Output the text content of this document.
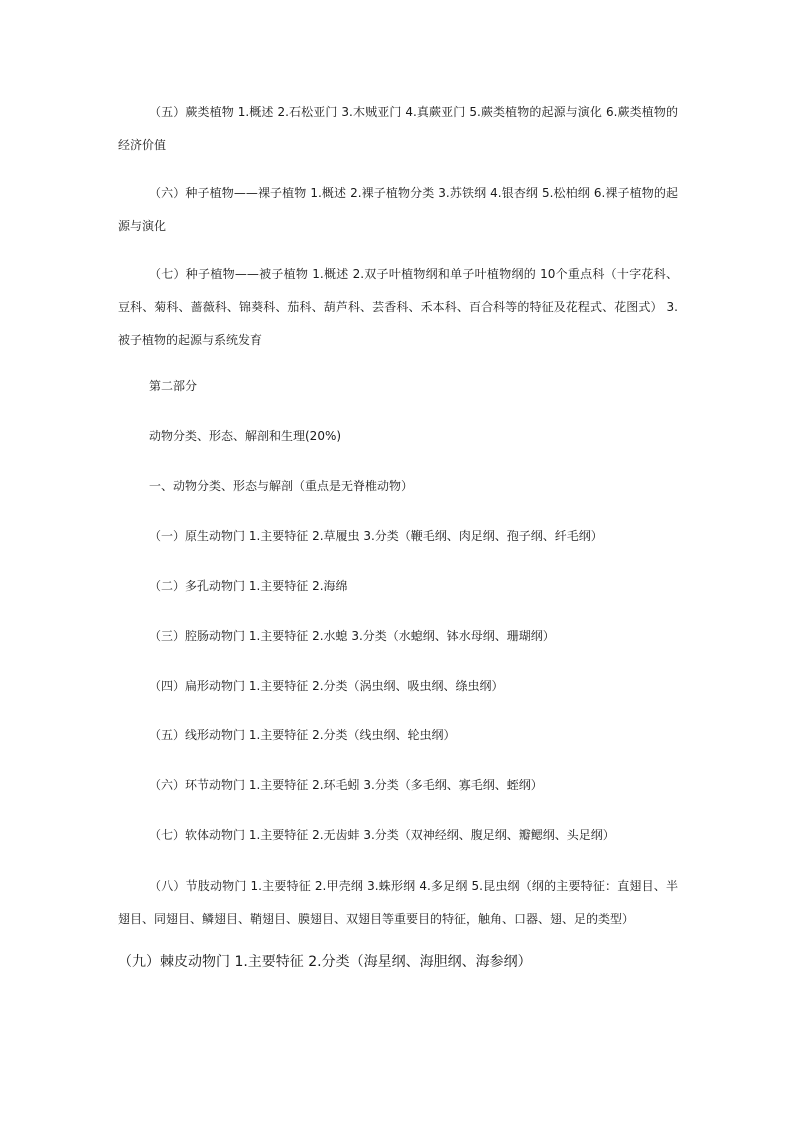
（五）蕨类植物 1.概述 2.石松亚门 3.木贼亚门 4.真蕨亚门 5.蕨类植物的起源与演化 6.蕨类植物的经济价值

（六）种子植物——裸子植物 1.概述 2.裸子植物分类 3.苏铁纲 4.银杏纲 5.松柏纲 6.裸子植物的起源与演化

（七）种子植物——被子植物 1.概述 2.双子叶植物纲和单子叶植物纲的 10个重点科（十字花科、豆科、菊科、蔷薇科、锦葵科、茄科、葫芦科、芸香科、禾本科、百合科等的特征及花程式、花图式） 3.被子植物的起源与系统发育

第二部分

动物分类、形态、解剖和生理(20%)

一、动物分类、形态与解剖（重点是无脊椎动物）

（一）原生动物门 1.主要特征 2.草履虫 3.分类（鞭毛纲、肉足纲、孢子纲、纤毛纲）

（二）多孔动物门 1.主要特征 2.海绵

（三）腔肠动物门 1.主要特征 2.水螅 3.分类（水螅纲、钵水母纲、珊瑚纲）

（四）扁形动物门 1.主要特征 2.分类（涡虫纲、吸虫纲、绦虫纲）

（五）线形动物门 1.主要特征 2.分类（线虫纲、轮虫纲）

（六）环节动物门 1.主要特征 2.环毛蚓 3.分类（多毛纲、寡毛纲、蛭纲）

（七）软体动物门 1.主要特征 2.无齿蚌 3.分类（双神经纲、腹足纲、瓣鳃纲、头足纲）

（八）节肢动物门 1.主要特征 2.甲壳纲 3.蛛形纲 4.多足纲 5.昆虫纲（纲的主要特征：直翅目、半翅目、同翅目、鳞翅目、鞘翅目、膜翅目、双翅目等重要目的特征，触角、口器、翅、足的类型）

（九）棘皮动物门 1.主要特征 2.分类（海星纲、海胆纲、海参纲）
